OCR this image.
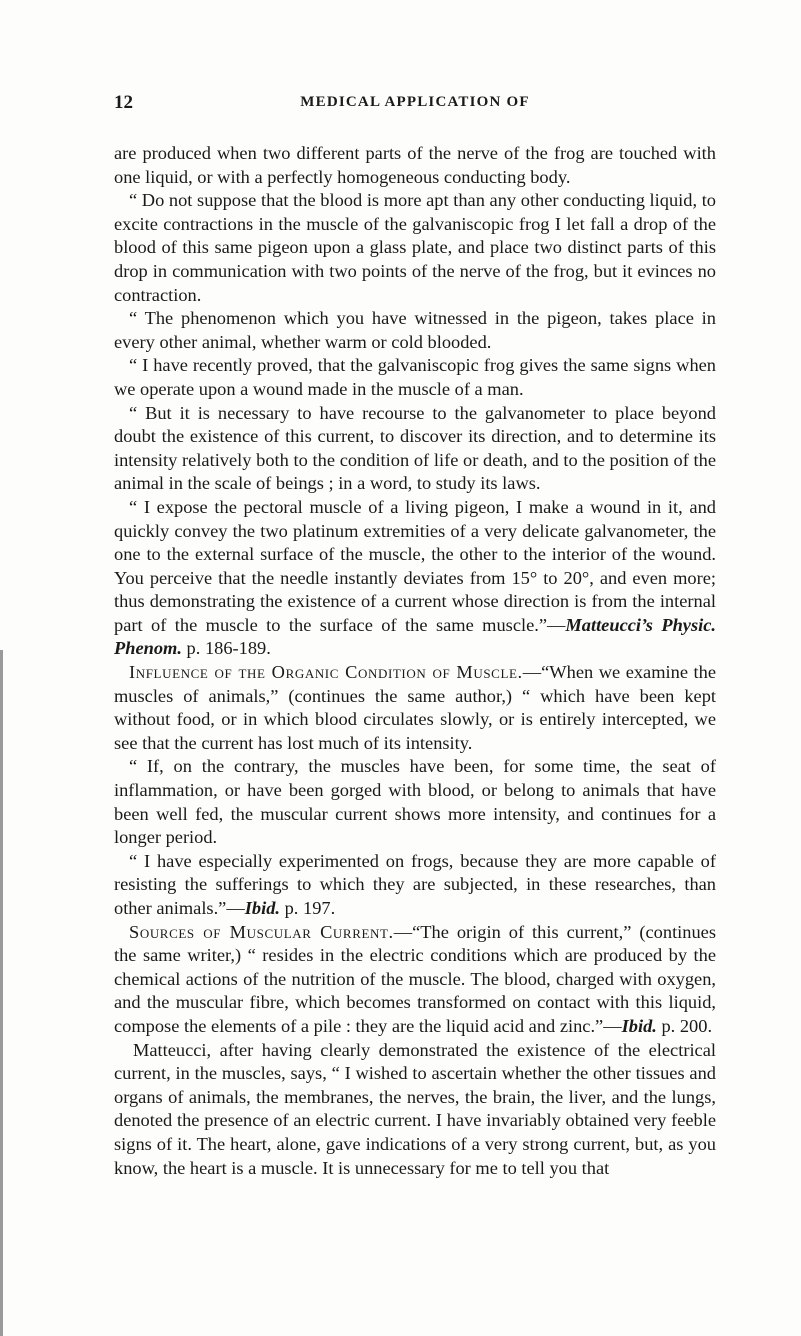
12	MEDICAL APPLICATION OF

are produced when two different parts of the nerve of the frog are touched with one liquid, or with a perfectly homogeneous conducting body.

“ Do not suppose that the blood is more apt than any other conducting liquid, to excite contractions in the muscle of the galvaniscopic frog I let fall a drop of the blood of this same pigeon upon a glass plate, and place two distinct parts of this drop in communication with two points of the nerve of the frog, but it evinces no contraction.

“ The phenomenon which you have witnessed in the pigeon, takes place in every other animal, whether warm or cold blooded.

“ I have recently proved, that the galvaniscopic frog gives the same signs when we operate upon a wound made in the muscle of a man.

“ But it is necessary to have recourse to the galvanometer to place beyond doubt the existence of this current, to discover its direction, and to determine its intensity relatively both to the condition of life or death, and to the position of the animal in the scale of beings ; in a word, to study its laws.

“ I expose the pectoral muscle of a living pigeon, I make a wound in it, and quickly convey the two platinum extremities of a very delicate galvanometer, the one to the external surface of the muscle, the other to the interior of the wound. You perceive that the needle instantly deviates from 15° to 20°, and even more; thus demonstrating the existence of a current whose direction is from the internal part of the muscle to the surface of the same muscle.”—Matteucci’s Physic. Phenom. p. 186-189.

Influence of the Organic Condition of Muscle.—“When we examine the muscles of animals,” (continues the same author,) “ which have been kept without food, or in which blood circulates slowly, or is entirely intercepted, we see that the current has lost much of its intensity.

“ If, on the contrary, the muscles have been, for some time, the seat of inflammation, or have been gorged with blood, or belong to animals that have been well fed, the muscular current shows more intensity, and continues for a longer period.

“ I have especially experimented on frogs, because they are more capable of resisting the sufferings to which they are subjected, in these researches, than other animals.”—Ibid. p. 197.

Sources of Muscular Current.—“The origin of this current,” (continues the same writer,) “ resides in the electric conditions which are produced by the chemical actions of the nutrition of the muscle. The blood, charged with oxygen, and the muscular fibre, which becomes transformed on contact with this liquid, compose the elements of a pile : they are the liquid acid and zinc.”—Ibid. p. 200.

Matteucci, after having clearly demonstrated the existence of the electrical current, in the muscles, says, “ I wished to ascertain whether the other tissues and organs of animals, the membranes, the nerves, the brain, the liver, and the lungs, denoted the presence of an electric current. I have invariably obtained very feeble signs of it. The heart, alone, gave indications of a very strong current, but, as you know, the heart is a muscle. It is unnecessary for me to tell you that
